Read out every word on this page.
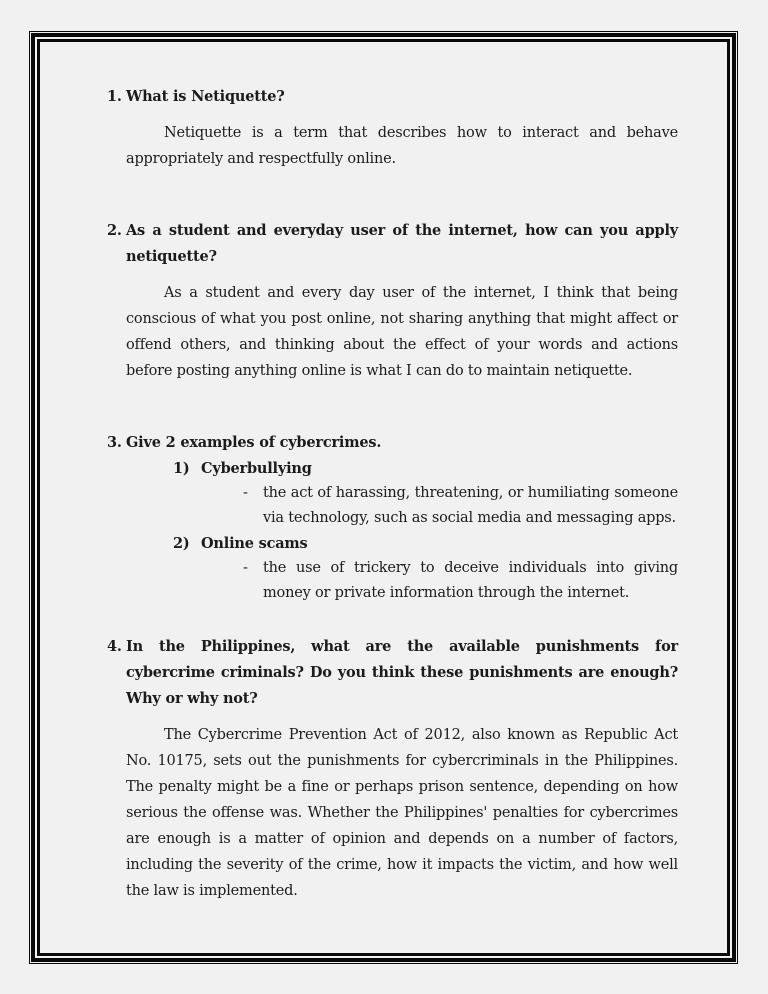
1. What is Netiquette?

Netiquette is a term that describes how to interact and behave appropriately and respectfully online.

2. As a student and everyday user of the internet, how can you apply netiquette?

As a student and every day user of the internet, I think that being conscious of what you post online, not sharing anything that might affect or offend others, and thinking about the effect of your words and actions before posting anything online is what I can do to maintain netiquette.

3. Give 2 examples of cybercrimes.
1) Cyberbullying
-	the act of harassing, threatening, or humiliating someone via technology, such as social media and messaging apps.

2) Online scams
-	the use of trickery to deceive individuals into giving money or private information through the internet.

4. In the Philippines, what are the available punishments for cybercrime criminals? Do you think these punishments are enough? Why or why not?

The Cybercrime Prevention Act of 2012, also known as Republic Act No. 10175, sets out the punishments for cybercriminals in the Philippines. The penalty might be a fine or perhaps prison sentence, depending on how serious the offense was. Whether the Philippines' penalties for cybercrimes are enough is a matter of opinion and depends on a number of factors, including the severity of the crime, how it impacts the victim, and how well the law is implemented.
